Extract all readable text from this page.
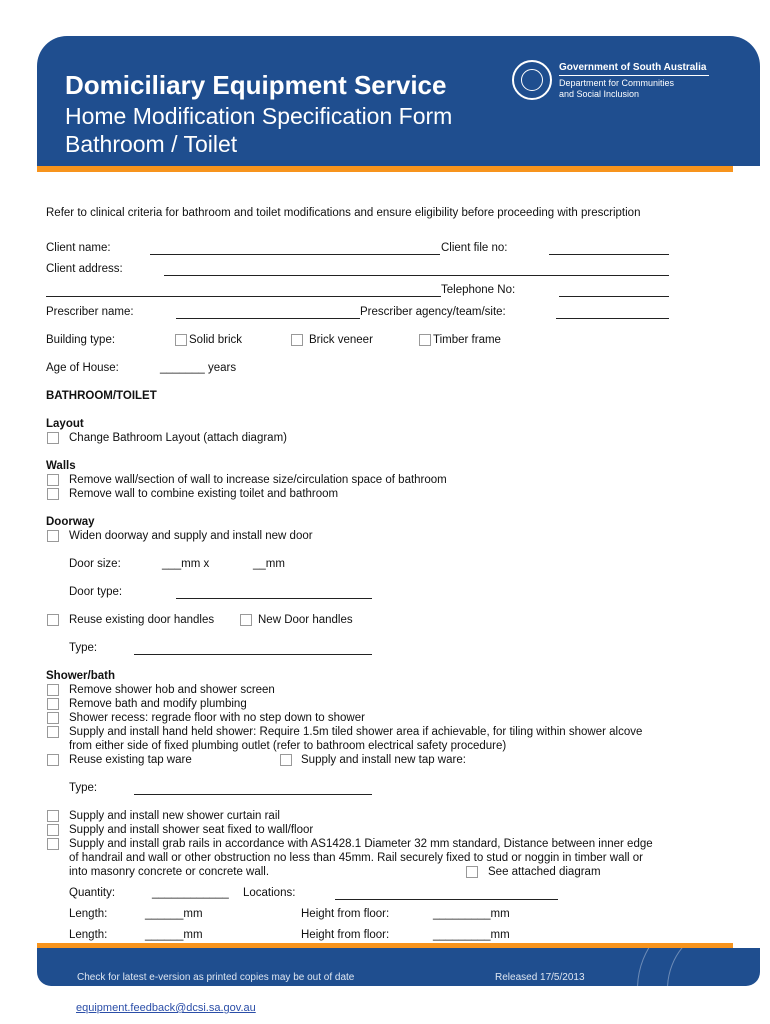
Domiciliary Equipment Service
Home Modification Specification Form
Bathroom / Toilet
Government of South Australia
Department for Communities
and Social Inclusion
Refer to clinical criteria for bathroom and toilet modifications and ensure eligibility before proceeding with prescription
Client name:	Client file no:
Client address:
Telephone No:
Prescriber name:	Prescriber agency/team/site:
Building type:	Solid brick	Brick veneer	Timber frame
Age of House:	_______ years
BATHROOM/TOILET
Layout
Change Bathroom Layout (attach diagram)
Walls
Remove wall/section of wall to increase size/circulation space of bathroom
Remove wall to combine existing toilet and bathroom
Doorway
Widen doorway and supply and install new door
Door size:	___mm x	__mm
Door type:
Reuse existing door handles	New Door handles
Type:
Shower/bath
Remove shower hob and shower screen
Remove bath and modify plumbing
Shower recess: regrade floor with no step down to shower
Supply and install hand held shower: Require 1.5m tiled shower area if achievable, for tiling within shower alcove
from either side of fixed plumbing outlet (refer to bathroom electrical safety procedure)
Reuse existing tap ware	Supply and install new tap ware:
Type:
Supply and install new shower curtain rail
Supply and install shower seat fixed to wall/floor
Supply and install grab rails in accordance with AS1428.1 Diameter 32 mm standard, Distance between inner edge
of handrail and wall or other obstruction no less than 45mm. Rail securely fixed to stud or noggin in timber wall or
into masonry concrete or concrete wall.	See attached diagram
Quantity:	____________ Locations:
Length:	______mm	Height from floor:	_________mm
Length:	______mm	Height from floor:	_________mm
Check for latest e-version as printed copies may be out of date	Released 17/5/2013
equipment.feedback@dcsi.sa.gov.au
